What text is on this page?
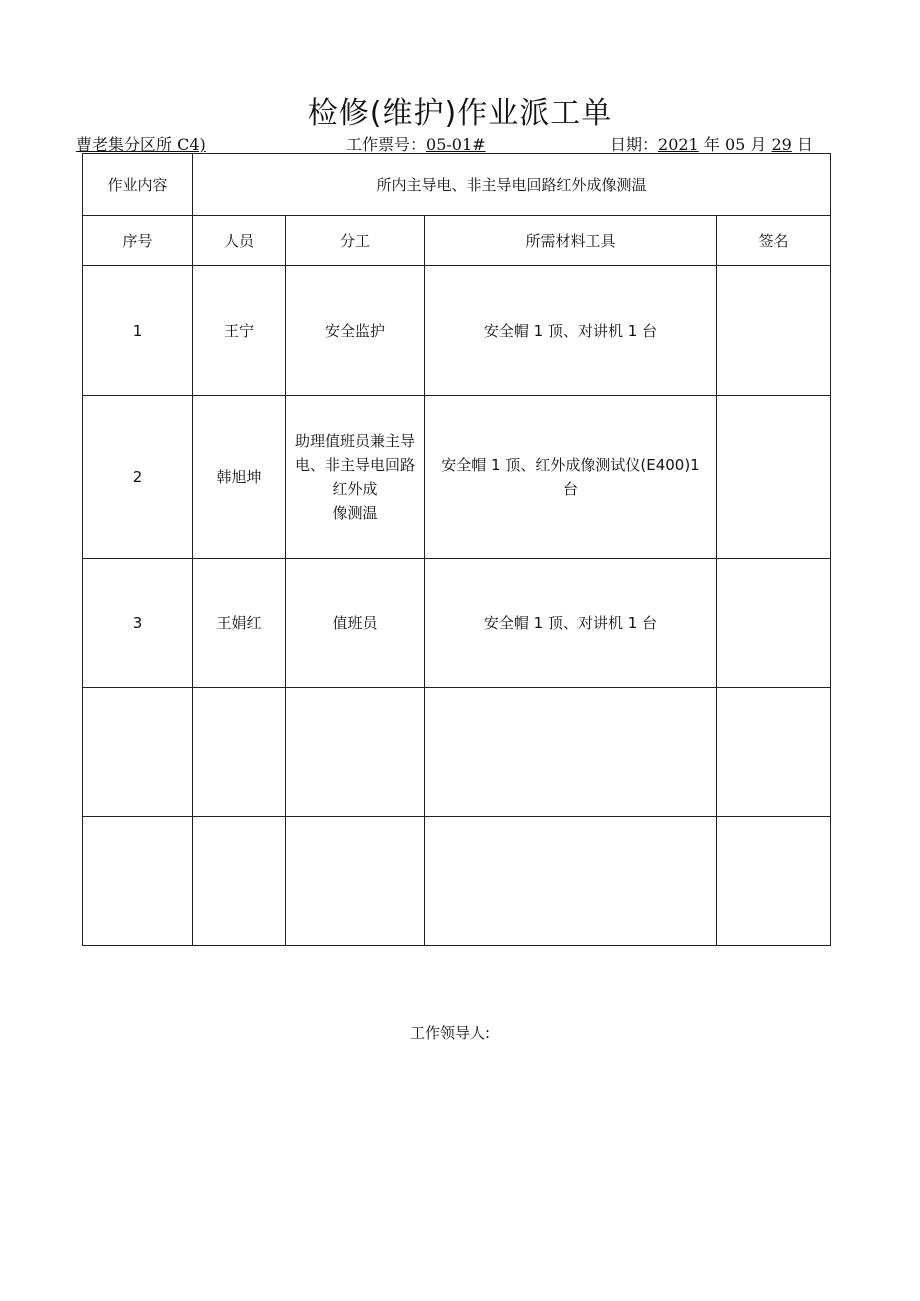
检修(维护)作业派工单
曹老集分区所 C4)	工作票号：05-01#	日期：2021 年 05 月 29 日
作业内容	所内主导电、非主导电回路红外成像测温			
序号	人员	分工	所需材料工具	签名
1	王宁	安全监护	安全帽 1 顶、对讲机 1 台	
2	韩旭坤	助理值班员兼主导
电、非主导电回路
红外成
像测温	安全帽 1 顶、红外成像测试仪(E400)1
台	
3	王娟红	值班员	安全帽 1 顶、对讲机 1 台	

工作领导人:
